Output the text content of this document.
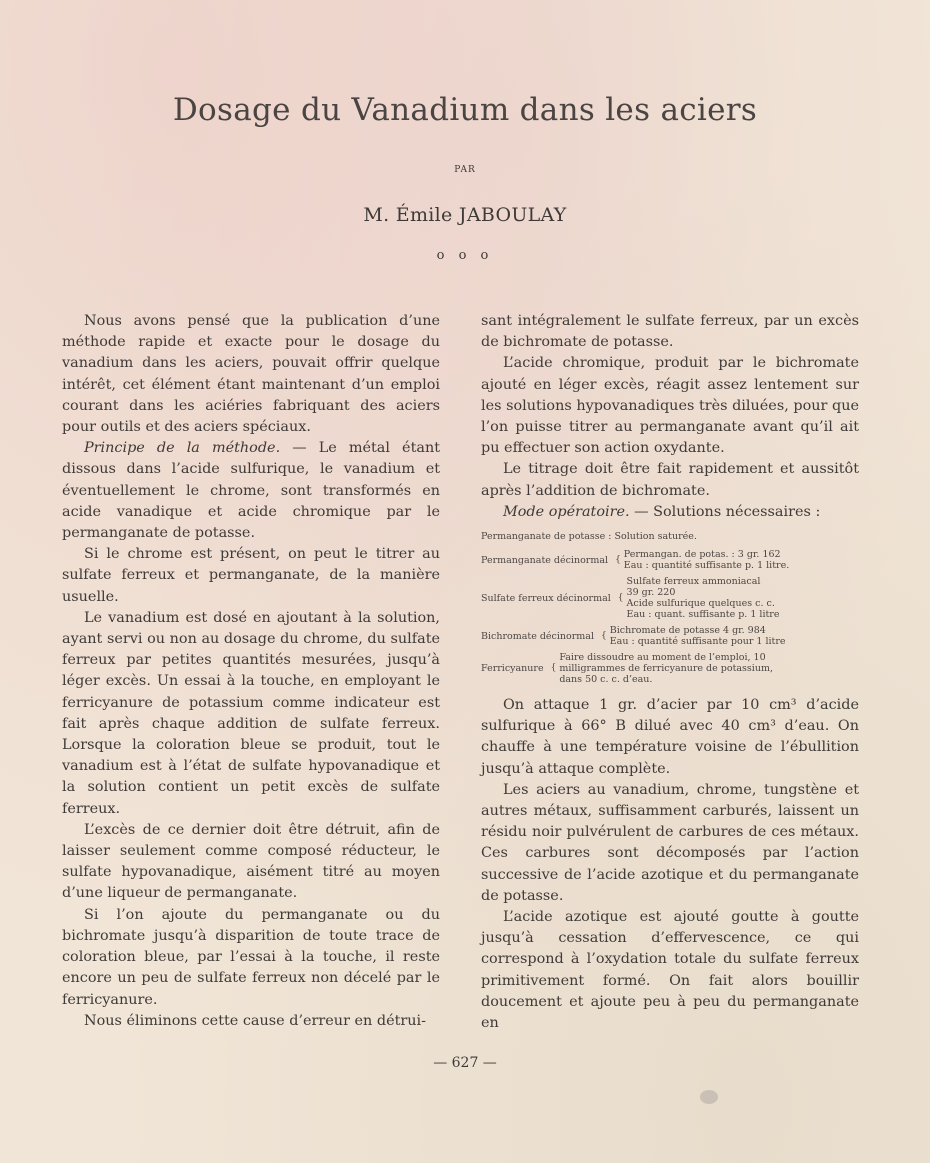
Dosage du Vanadium dans les aciers

PAR

M. Émile JABOULAY

o o o

Nous avons pensé que la publication d’une méthode rapide et exacte pour le dosage du vanadium dans les aciers, pouvait offrir quelque intérêt, cet élément étant maintenant d’un emploi courant dans les aciéries fabriquant des aciers pour outils et des aciers spéciaux.

Principe de la méthode. — Le métal étant dissous dans l’acide sulfurique, le vanadium et éventuellement le chrome, sont transformés en acide vanadique et acide chromique par le permanganate de potasse.

Si le chrome est présent, on peut le titrer au sulfate ferreux et permanganate, de la manière usuelle.

Le vanadium est dosé en ajoutant à la solution, ayant servi ou non au dosage du chrome, du sulfate ferreux par petites quantités mesurées, jusqu’à léger excès. Un essai à la touche, en employant le ferricyanure de potassium comme indicateur est fait après chaque addition de sulfate ferreux. Lorsque la coloration bleue se produit, tout le vanadium est à l’état de sulfate hypovanadique et la solution contient un petit excès de sulfate ferreux.

L’excès de ce dernier doit être détruit, afin de laisser seulement comme composé réducteur, le sulfate hypovanadique, aisément titré au moyen d’une liqueur de permanganate.

Si l’on ajoute du permanganate ou du bichromate jusqu’à disparition de toute trace de coloration bleue, par l’essai à la touche, il reste encore un peu de sulfate ferreux non décelé par le ferricyanure.

Nous éliminons cette cause d’erreur en détrui-

sant intégralement le sulfate ferreux, par un excès de bichromate de potasse.

L’acide chromique, produit par le bichromate ajouté en léger excès, réagit assez lentement sur les solutions hypovanadiques très diluées, pour que l’on puisse titrer au permanganate avant qu’il ait pu effectuer son action oxydante.

Le titrage doit être fait rapidement et aussitôt après l’addition de bichromate.

Mode opératoire. — Solutions nécessaires :

Permanganate de potasse : Solution saturée.
Permanganate décinormal { Permangan. de potas. : 3 gr. 162
Eau : quantité suffisante p. 1 litre.
Sulfate ferreux décinormal {
Sulfate ferreux ammoniacal
39 gr. 220
Acide sulfurique quelques c. c.
Eau : quant. suffisante p. 1 litre
Bichromate décinormal { Bichromate de potasse 4 gr. 984
Eau : quantité suffisante pour 1 litre
Ferricyanure {
Faire dissoudre au moment de l’emploi, 10
milligrammes de ferricyanure de potassium,
dans 50 c. c. d’eau.

On attaque 1 gr. d’acier par 10 cm³ d’acide sulfurique à 66° B dilué avec 40 cm³ d’eau. On chauffe à une température voisine de l’ébullition jusqu’à attaque complète.

Les aciers au vanadium, chrome, tungstène et autres métaux, suffisamment carburés, laissent un résidu noir pulvérulent de carbures de ces métaux. Ces carbures sont décomposés par l’action successive de l’acide azotique et du permanganate de potasse.

L’acide azotique est ajouté goutte à goutte jusqu’à cessation d’effervescence, ce qui correspond à l’oxydation totale du sulfate ferreux primitivement formé. On fait alors bouillir doucement et ajoute peu à peu du permanganate en

— 627 —
